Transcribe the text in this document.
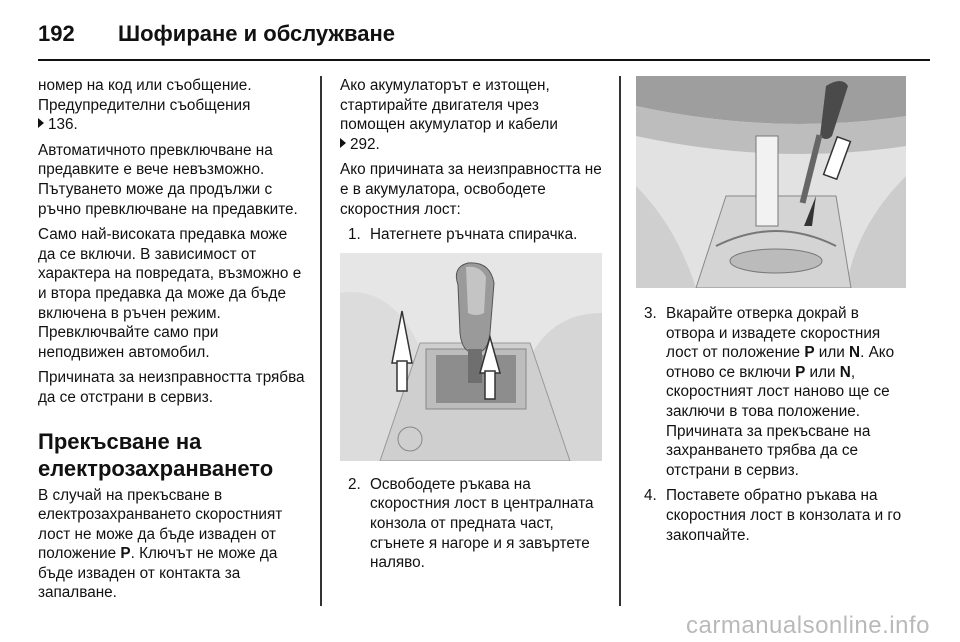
192	Шофиране и обслужване

номер на код или съобщение.
Предупредителни съобщения
136.

Автоматичното превключване на предавките е вече невъзможно. Пътуването може да продължи с ръчно превключване на предавките.

Само най-високата предавка може да се включи. В зависимост от характера на повредата, възможно е и втора предавка да може да бъде включена в ръчен режим. Превключвайте само при неподвижен автомобил.

Причината за неизправността трябва да се отстрани в сервиз.

Прекъсване на електрозахранването

В случай на прекъсване в електрозахранването скоростният лост не може да бъде изваден от положение P. Ключът не може да бъде изваден от контакта за запалване.

Ако акумулаторът е изтощен, стартирайте двигателя чрез помощен акумулатор и кабели
292.

Ако причината за неизправността не е в акумулатора, освободете скоростния лост:

1. Натегнете ръчната спирачка.
2. Освободете ръкава на скоростния лост в централната конзола от предната част, сгънете я нагоре и я завъртете наляво.
3. Вкарайте отверка докрай в отвора и извадете скоростния лост от положение P или N. Ако отново се включи P или N, скоростният лост наново ще се заключи в това положение. Причината за прекъсване на захранването трябва да се отстрани в сервиз.
4. Поставете обратно ръкава на скоростния лост в конзолата и го закопчайте.
carmanualsonline.info
